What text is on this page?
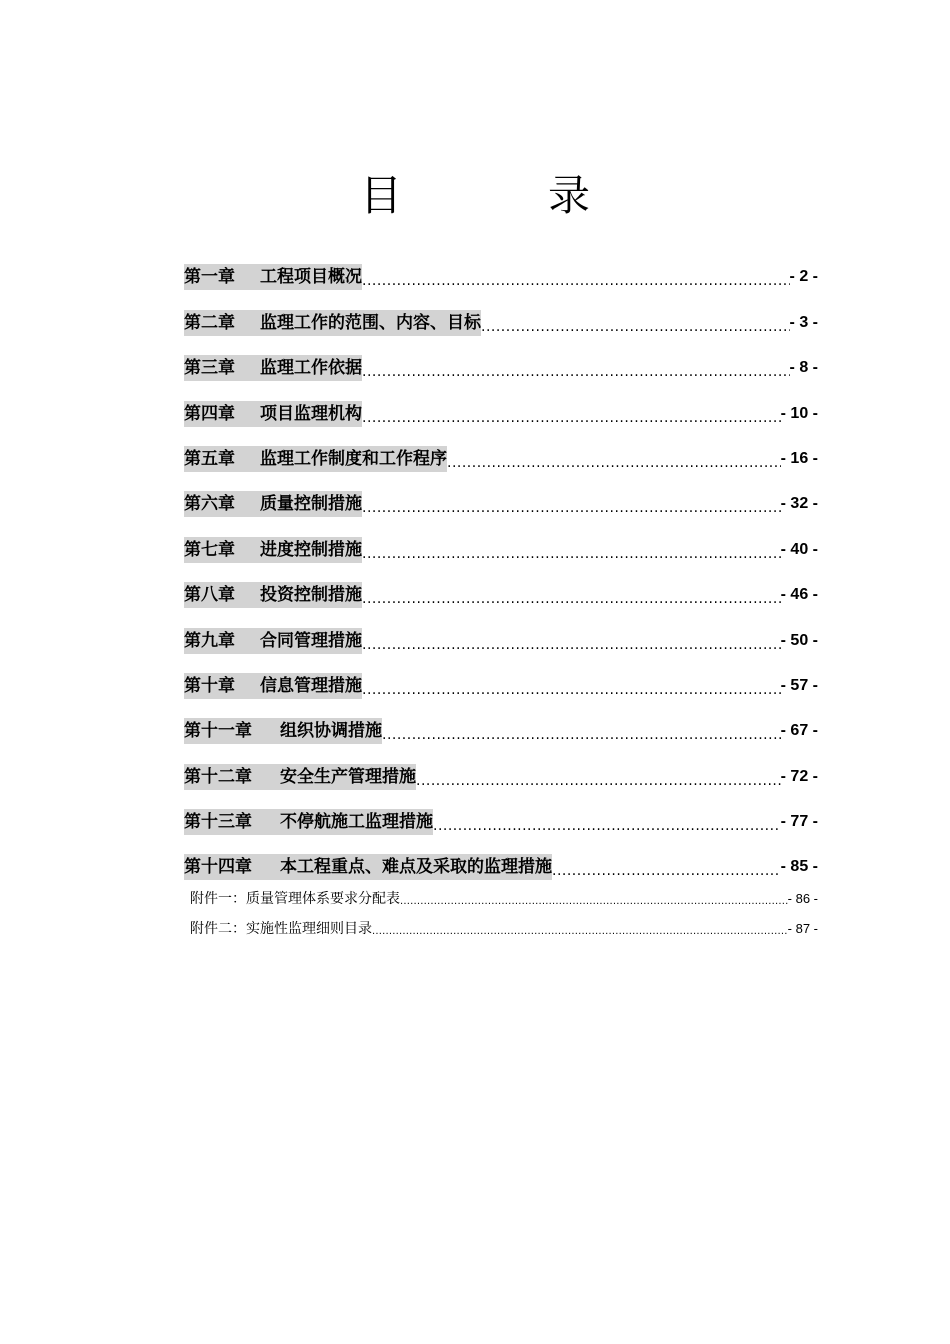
目　录
第一章	工程项目概况 .....	- 2 -
第二章	监理工作的范围、内容、目标 .....	- 3 -
第三章	监理工作依据 .....	- 8 -
第四章	项目监理机构 .....	- 10 -
第五章	监理工作制度和工作程序 .....	- 16 -
第六章	质量控制措施 .....	- 32 -
第七章	进度控制措施 .....	- 40 -
第八章	投资控制措施 .....	- 46 -
第九章	合同管理措施 .....	- 50 -
第十章	信息管理措施 .....	- 57 -
第十一章	组织协调措施 .....	- 67 -
第十二章	安全生产管理措施 .....	- 72 -
第十三章	不停航施工监理措施 .....	- 77 -
第十四章	本工程重点、难点及采取的监理措施 .....	- 85 -
附件一：质量管理体系要求分配表 .....	- 86 -
附件二：实施性监理细则目录 .....	- 87 -
